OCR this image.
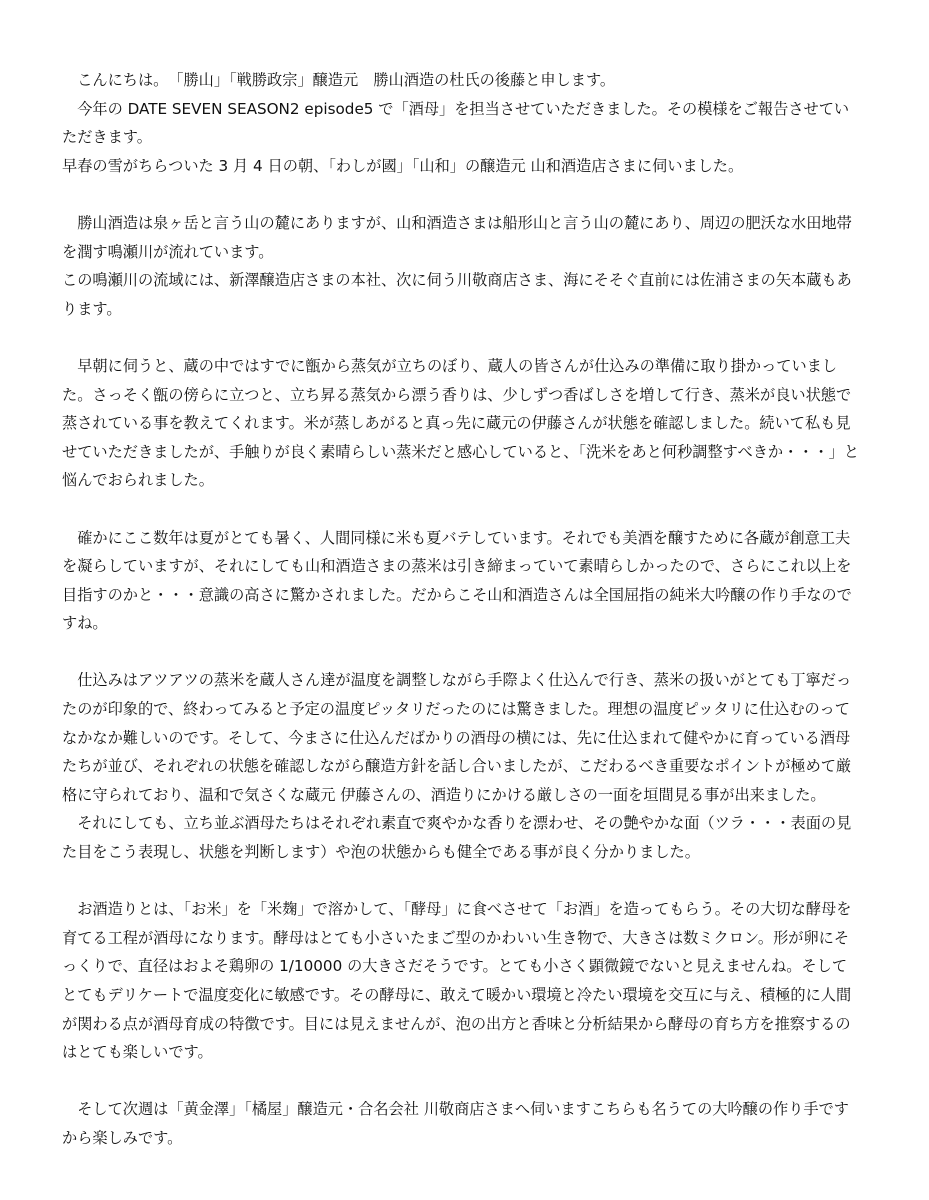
　こんにちは。　「勝山」「戦勝政宗」醸造元　勝山酒造の杜氏の後藤と申します。

　今年の DATE SEVEN SEASON2 episode5 で「酒母」を担当させていただきました。その模様をご報告させていただきます。

早春の雪がちらついた 3 月 4 日の朝、「わしが國」「山和」の醸造元 山和酒造店さまに伺いました。

　勝山酒造は泉ヶ岳と言う山の麓にありますが、山和酒造さまは船形山と言う山の麓にあり、周辺の肥沃な水田地帯を潤す鳴瀬川が流れています。

この鳴瀬川の流域には、新澤醸造店さまの本社、次に伺う川敬商店さま、海にそそぐ直前には佐浦さまの矢本蔵もあります。

　早朝に伺うと、蔵の中ではすでに甑から蒸気が立ちのぼり、蔵人の皆さんが仕込みの準備に取り掛かっていました。さっそく甑の傍らに立つと、立ち昇る蒸気から漂う香りは、少しずつ香ばしさを増して行き、蒸米が良い状態で蒸されている事を教えてくれます。米が蒸しあがると真っ先に蔵元の伊藤さんが状態を確認しました。続いて私も見せていただきましたが、手触りが良く素晴らしい蒸米だと感心していると、「洗米をあと何秒調整すべきか・・・」と悩んでおられました。

　確かにここ数年は夏がとても暑く、人間同様に米も夏バテしています。それでも美酒を醸すために各蔵が創意工夫を凝らしていますが、それにしても山和酒造さまの蒸米は引き締まっていて素晴らしかったので、さらにこれ以上を目指すのかと・・・意識の高さに驚かされました。だからこそ山和酒造さんは全国屈指の純米大吟醸の作り手なのですね。

　仕込みはアツアツの蒸米を蔵人さん達が温度を調整しながら手際よく仕込んで行き、蒸米の扱いがとても丁寧だったのが印象的で、終わってみると予定の温度ピッタリだったのには驚きました。理想の温度ピッタリに仕込むのってなかなか難しいのです。そして、今まさに仕込んだばかりの酒母の横には、先に仕込まれて健やかに育っている酒母たちが並び、それぞれの状態を確認しながら醸造方針を話し合いましたが、こだわるべき重要なポイントが極めて厳格に守られており、温和で気さくな蔵元 伊藤さんの、酒造りにかける厳しさの一面を垣間見る事が出来ました。

　それにしても、立ち並ぶ酒母たちはそれぞれ素直で爽やかな香りを漂わせ、その艶やかな面（ツラ・・・表面の見た目をこう表現し、状態を判断します）や泡の状態からも健全である事が良く分かりました。

　お酒造りとは、「お米」を「米麹」で溶かして、「酵母」に食べさせて「お酒」を造ってもらう。その大切な酵母を育てる工程が酒母になります。酵母はとても小さいたまご型のかわいい生き物で、大きさは数ミクロン。形が卵にそっくりで、直径はおよそ鶏卵の 1/10000 の大きさだそうです。とても小さく顕微鏡でないと見えませんね。そしてとてもデリケートで温度変化に敏感です。その酵母に、敢えて暖かい環境と冷たい環境を交互に与え、積極的に人間が関わる点が酒母育成の特徴です。目には見えませんが、泡の出方と香味と分析結果から酵母の育ち方を推察するのはとても楽しいです。

　そして次週は「黄金澤」「橘屋」醸造元・合名会社 川敬商店さまへ伺いますこちらも名うての大吟醸の作り手ですから楽しみです。
